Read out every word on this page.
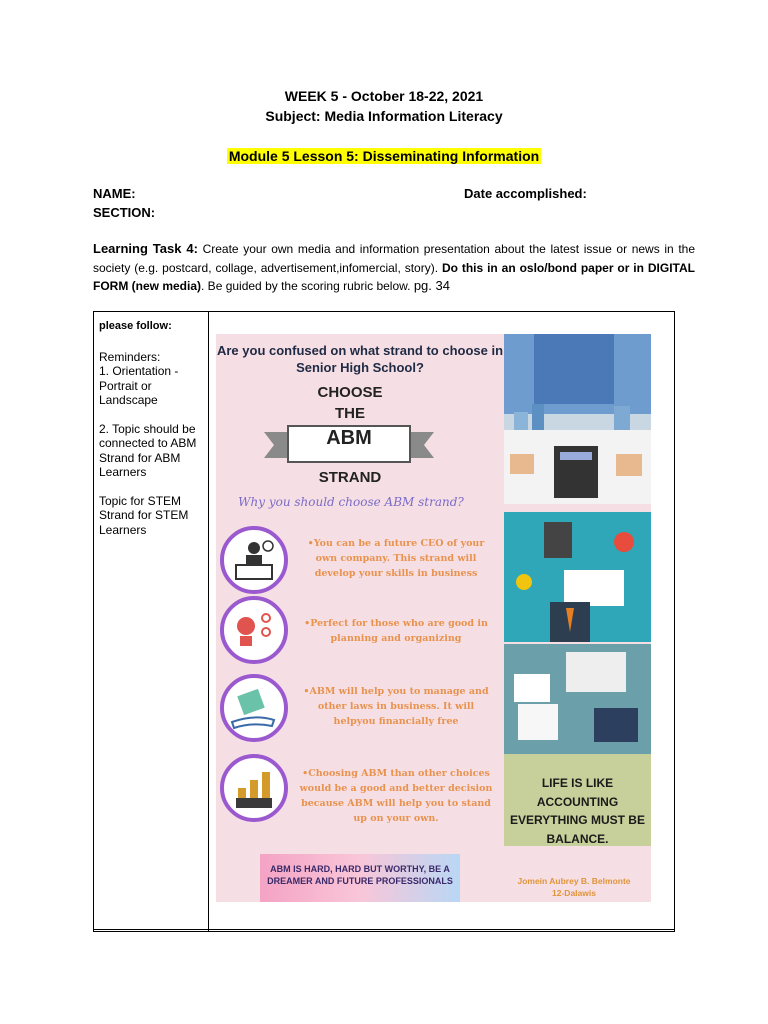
WEEK 5 - October 18-22, 2021
Subject: Media Information Literacy
Module 5 Lesson 5: Disseminating Information
NAME:
SECTION:
Date accomplished:
Learning Task 4: Create your own media and information presentation about the latest issue or news in the society (e.g. postcard, collage, advertisement,infomercial, story). Do this in an oslo/bond paper or in DIGITAL FORM (new media). Be guided by the scoring rubric below. pg. 34
please follow:
Reminders:
1. Orientation - Portrait or Landscape
2. Topic should be connected to ABM Strand for ABM Learners
Topic for STEM Strand for STEM Learners
Are you confused on what strand to choose in Senior High School?
CHOOSE
THE
ABM
STRAND
Why you should choose ABM strand?
•You can be a future CEO of your own company. This strand will develop your skills in business
•Perfect for those who are good in planning and organizing
•ABM will help you to manage and other laws in business. It will helpyou financially free
•Choosing ABM than other choices would be a good and better decision because ABM will help you to stand up on your own.
ABM IS HARD, HARD BUT WORTHY, BE A DREAMER AND FUTURE PROFESSIONALS	Jomein Aubrey B. Belmonte
12-Dalawis
LIFE IS LIKE ACCOUNTING EVERYTHING MUST BE BALANCE.
